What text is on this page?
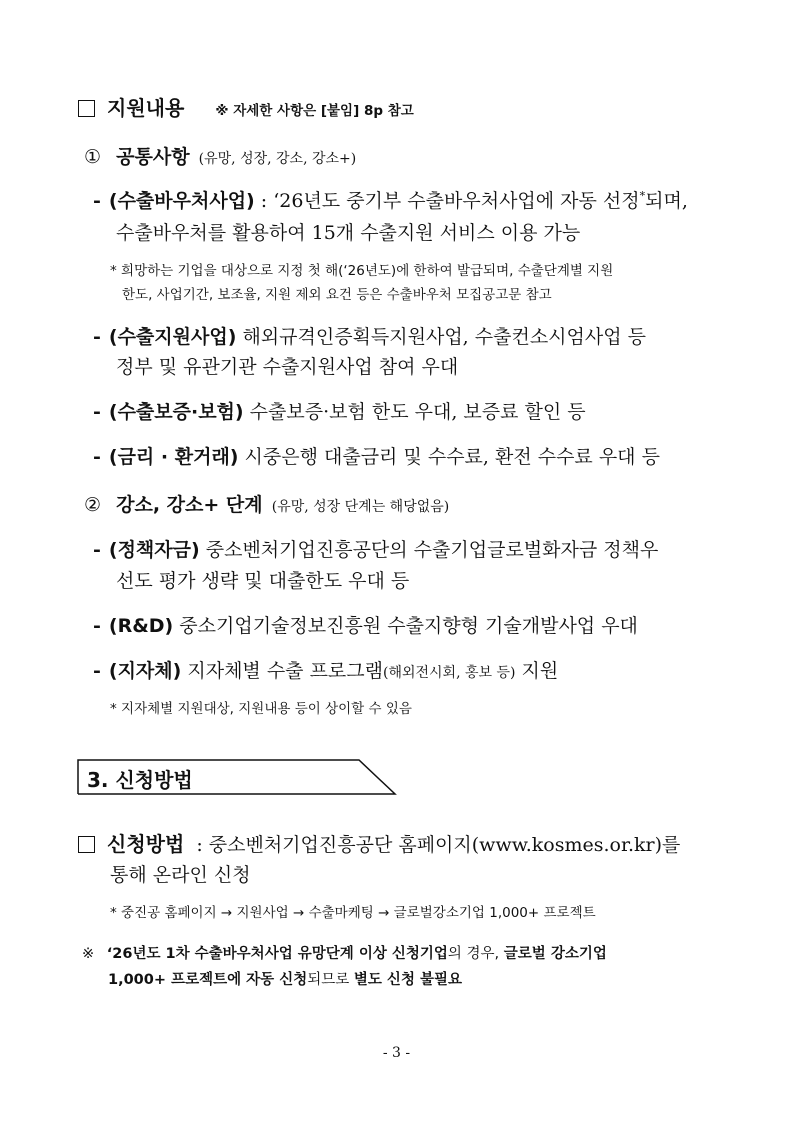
지원내용 ※ 자세한 사항은 [붙임] 8p 참고
① 공통사항 (유망, 성장, 강소, 강소+)
- (수출바우처사업) : ‘26년도 중기부 수출바우처사업에 자동 선정*되며,
수출바우처를 활용하여 15개 수출지원 서비스 이용 가능
* 희망하는 기업을 대상으로 지정 첫 해(‘26년도)에 한하여 발급되며, 수출단계별 지원
한도, 사업기간, 보조율, 지원 제외 요건 등은 수출바우처 모집공고문 참고
- (수출지원사업) 해외규격인증획득지원사업, 수출컨소시엄사업 등
정부 및 유관기관 수출지원사업 참여 우대
- (수출보증·보험) 수출보증·보험 한도 우대, 보증료 할인 등
- (금리 · 환거래) 시중은행 대출금리 및 수수료, 환전 수수료 우대 등
② 강소, 강소+ 단계 (유망, 성장 단계는 해당없음)
- (정책자금) 중소벤처기업진흥공단의 수출기업글로벌화자금 정책우
선도 평가 생략 및 대출한도 우대 등
- (R&D) 중소기업기술정보진흥원 수출지향형 기술개발사업 우대
- (지자체) 지자체별 수출 프로그램(해외전시회, 홍보 등) 지원
* 지자체별 지원대상, 지원내용 등이 상이할 수 있음
3. 신청방법
신청방법 : 중소벤처기업진흥공단 홈페이지(www.kosmes.or.kr)를
통해 온라인 신청
* 중진공 홈페이지 → 지원사업 → 수출마케팅 → 글로벌강소기업 1,000+ 프로젝트
※ ‘26년도 1차 수출바우처사업 유망단계 이상 신청기업의 경우, 글로벌 강소기업
1,000+ 프로젝트에 자동 신청되므로 별도 신청 불필요
- 3 -
